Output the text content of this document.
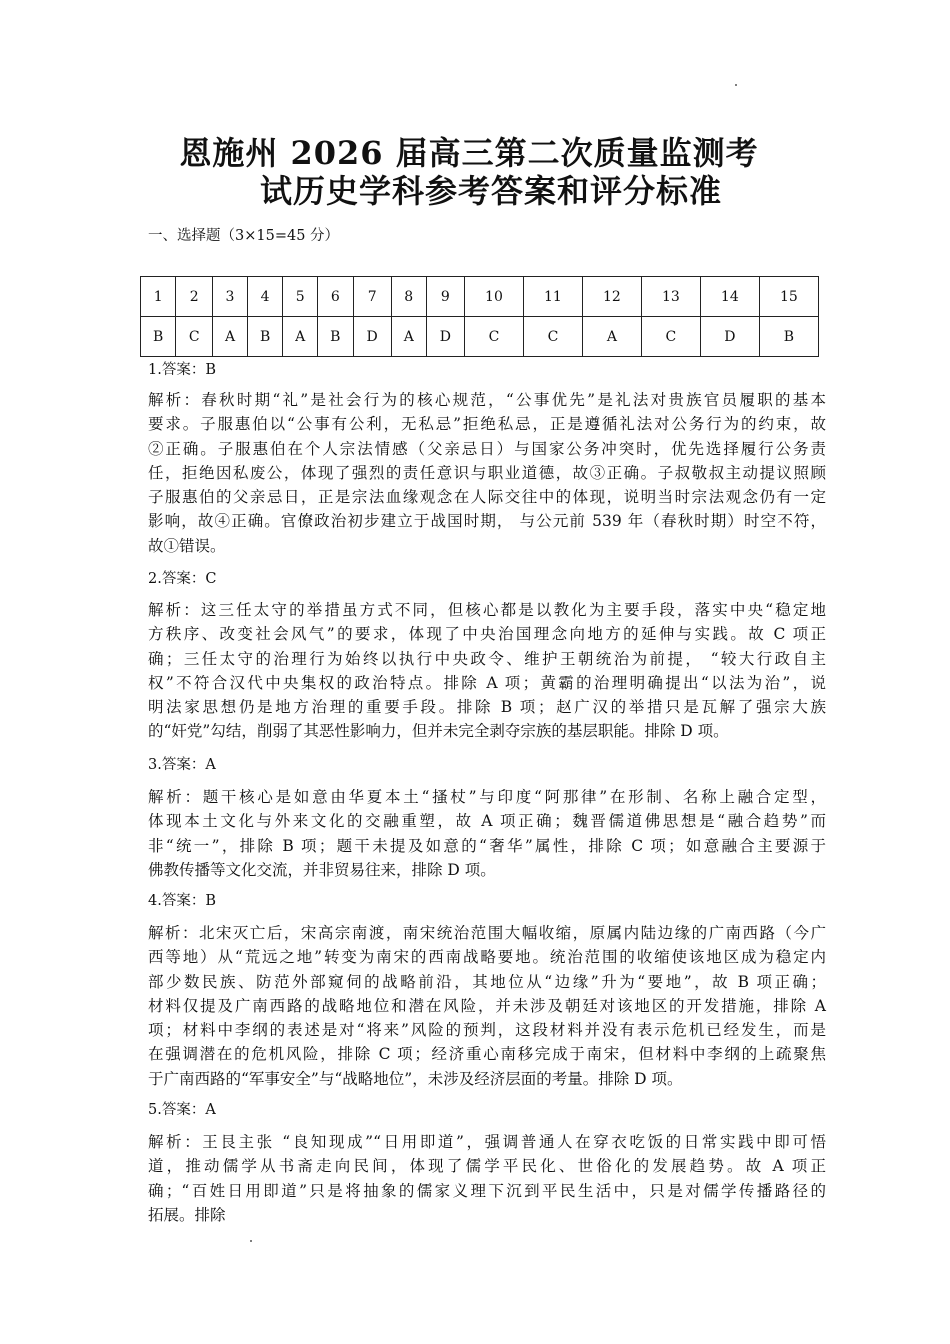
恩施州 2026 届高三第二次质量监测考
试历史学科参考答案和评分标准
一、选择题（3×15=45 分）
1	2	3	4	5	6	7	8	9	10	11	12	13	14	15
B	C	A	B	A	B	D	A	D	C	C	A	C	D	B
1.答案：B
解析：春秋时期“礼”是社会行为的核心规范，“公事优先”是礼法对贵族官员履职的基本
要求。子服惠伯以“公事有公利，无私忌”拒绝私忌，正是遵循礼法对公务行为的约束，故
②正确。子服惠伯在个人宗法情感（父亲忌日）与国家公务冲突时，优先选择履行公务责
任，拒绝因私废公，体现了强烈的责任意识与职业道德，故③正确。子叔敬叔主动提议照顾
子服惠伯的父亲忌日，正是宗法血缘观念在人际交往中的体现，说明当时宗法观念仍有一定
影响，故④正确。官僚政治初步建立于战国时期， 与公元前 539 年（春秋时期）时空不符，
故①错误。
2.答案：C
解析：这三任太守的举措虽方式不同，但核心都是以教化为主要手段，落实中央“稳定地
方秩序、改变社会风气”的要求，体现了中央治国理念向地方的延伸与实践。故 C 项正
确；三任太守的治理行为始终以执行中央政令、维护王朝统治为前提， “较大行政自主
权”不符合汉代中央集权的政治特点。排除 A 项；黄霸的治理明确提出“以法为治”，说
明法家思想仍是地方治理的重要手段。排除 B 项；赵广汉的举措只是瓦解了强宗大族
的“奸党”勾结，削弱了其恶性影响力，但并未完全剥夺宗族的基层职能。排除 D 项。
3.答案：A
解析：题干核心是如意由华夏本土“搔杖”与印度“阿那律”在形制、名称上融合定型，
体现本土文化与外来文化的交融重塑，故 A 项正确；魏晋儒道佛思想是“融合趋势”而
非“统一”，排除 B 项；题干未提及如意的“奢华”属性，排除 C 项；如意融合主要源于
佛教传播等文化交流，并非贸易往来，排除 D 项。
4.答案：B
解析：北宋灭亡后，宋高宗南渡，南宋统治范围大幅收缩，原属内陆边缘的广南西路（今广
西等地）从“荒远之地”转变为南宋的西南战略要地。统治范围的收缩使该地区成为稳定内
部少数民族、防范外部窥伺的战略前沿，其地位从“边缘”升为“要地”，故 B 项正确；
材料仅提及广南西路的战略地位和潜在风险，并未涉及朝廷对该地区的开发措施，排除 A
项；材料中李纲的表述是对“将来”风险的预判，这段材料并没有表示危机已经发生，而是
在强调潜在的危机风险，排除 C 项；经济重心南移完成于南宋，但材料中李纲的上疏聚焦
于广南西路的“军事安全”与“战略地位”，未涉及经济层面的考量。排除 D 项。
5.答案：A
解析：王艮主张 “良知现成”“日用即道”，强调普通人在穿衣吃饭的日常实践中即可悟
道，推动儒学从书斋走向民间，体现了儒学平民化、世俗化的发展趋势。故 A 项正
确；“百姓日用即道”只是将抽象的儒家义理下沉到平民生活中，只是对儒学传播路径的
拓展。排除
